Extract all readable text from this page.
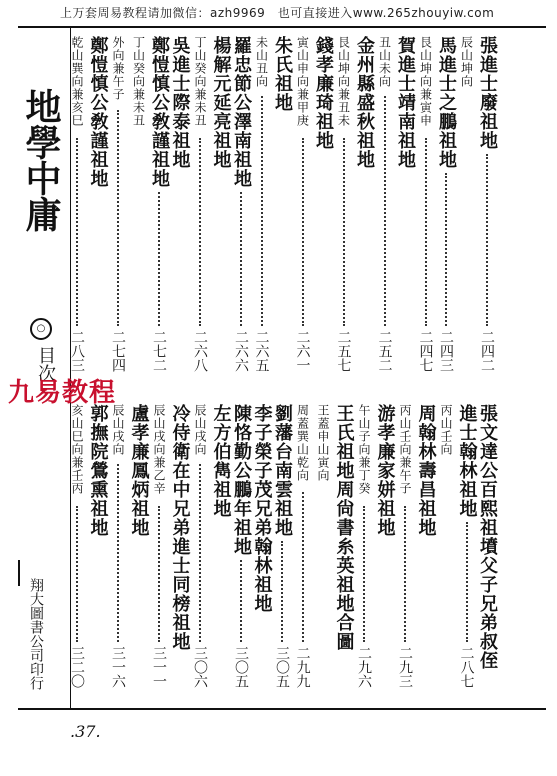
上万套周易教程请加微信：azh9969　也可直接进入www.265zhouyiw.com
地學中庸
○
目次
九易教程
翔大圖書公司印行
.37.
張進士廢祖地
二四二
辰山坤向
馬進士之鵬祖地
二四三
艮山坤向兼寅申
二四七
賀進士靖南祖地
丑山未向
二五二
金州縣盛秋祖地
艮山坤向兼丑未
二五七
錢孝廉琦祖地
寅山申向兼甲庚
二六一
朱氏祖地
未山丑向
二六五
羅忠節公澤南祖地
二六六
楊解元延亮祖地
丁山癸向兼未丑
二六八
吳進士際泰祖地
鄭愷慎公敎謹祖地
二七二
丁山癸向兼未丑
外向兼午子
二七四
鄭愷慎公敎謹祖地
乾山巽向兼亥巳
二八三
張文達公百熙祖墳父子兄弟叔侄
進士翰林祖地
二八七
丙山壬向
周翰林壽昌祖地
丙山壬向兼午子
二九三
游孝廉家姘祖地
午山子向兼丁癸
二九六
王氏祖地周尙書糸英祖地合圖
王蓋申山寅向
周蓋巽山乾向
二九九
劉藩台南雲祖地
三〇五
李子榮子茂兄弟翰林祖地
陳恪勤公鵬年祖地
三〇五
左方伯雋祖地
辰山戌向
三〇六
冷侍衛在中兄弟進士同榜祖地
辰山戌向兼乙辛
三一一
盧孝廉鳳炳祖地
辰山戌向
三一六
郭撫院鶯熏祖地
亥山巳向兼壬丙
三二〇
